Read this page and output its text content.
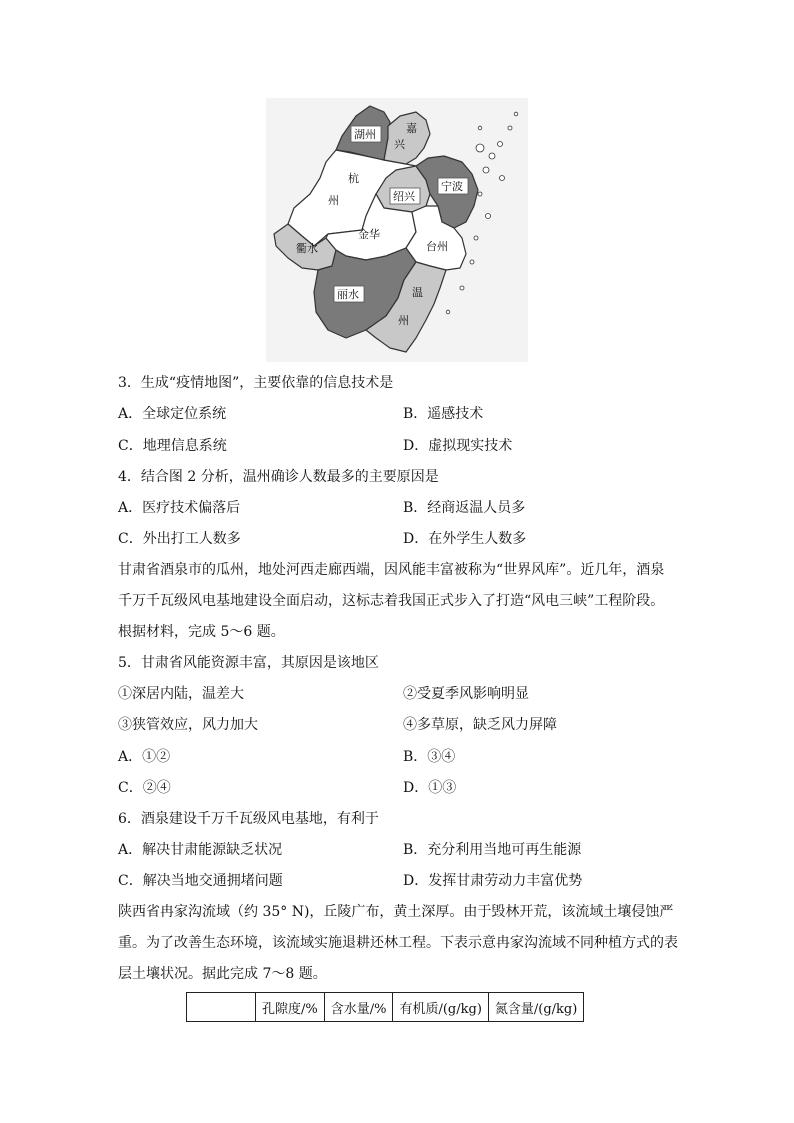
湖州	嘉
兴
杭
州	绍兴
宁波
衢水
金华
台州
丽水	温
州
3．生成“疫情地图”，主要依靠的信息技术是
A．全球定位系统	B．遥感技术
C．地理信息系统	D．虚拟现实技术
4．结合图 2 分析，温州确诊人数最多的主要原因是
A．医疗技术偏落后	B．经商返温人员多
C．外出打工人数多	D．在外学生人数多
甘肃省酒泉市的瓜州，地处河西走廊西端，因风能丰富被称为“世界风库”。近几年，酒泉
千万千瓦级风电基地建设全面启动，这标志着我国正式步入了打造“风电三峡”工程阶段。
根据材料，完成 5～6 题。
5．甘肃省风能资源丰富，其原因是该地区
①深居内陆，温差大	②受夏季风影响明显
③狭管效应，风力加大	④多草原，缺乏风力屏障
A．①②	B．③④
C．②④	D．①③
6．酒泉建设千万千瓦级风电基地，有利于
A．解决甘肃能源缺乏状况	B．充分利用当地可再生能源
C．解决当地交通拥堵问题	D．发挥甘肃劳动力丰富优势
陕西省冉家沟流域（约 35° N)，丘陵广布，黄土深厚。由于毁林开荒，该流域土壤侵蚀严
重。为了改善生态环境，该流域实施退耕还林工程。下表示意冉家沟流域不同种植方式的表
层土壤状况。据此完成 7～8 题。
	孔隙度/%	含水量/%	有机质/(g/kg)	氮含量/(g/kg)
